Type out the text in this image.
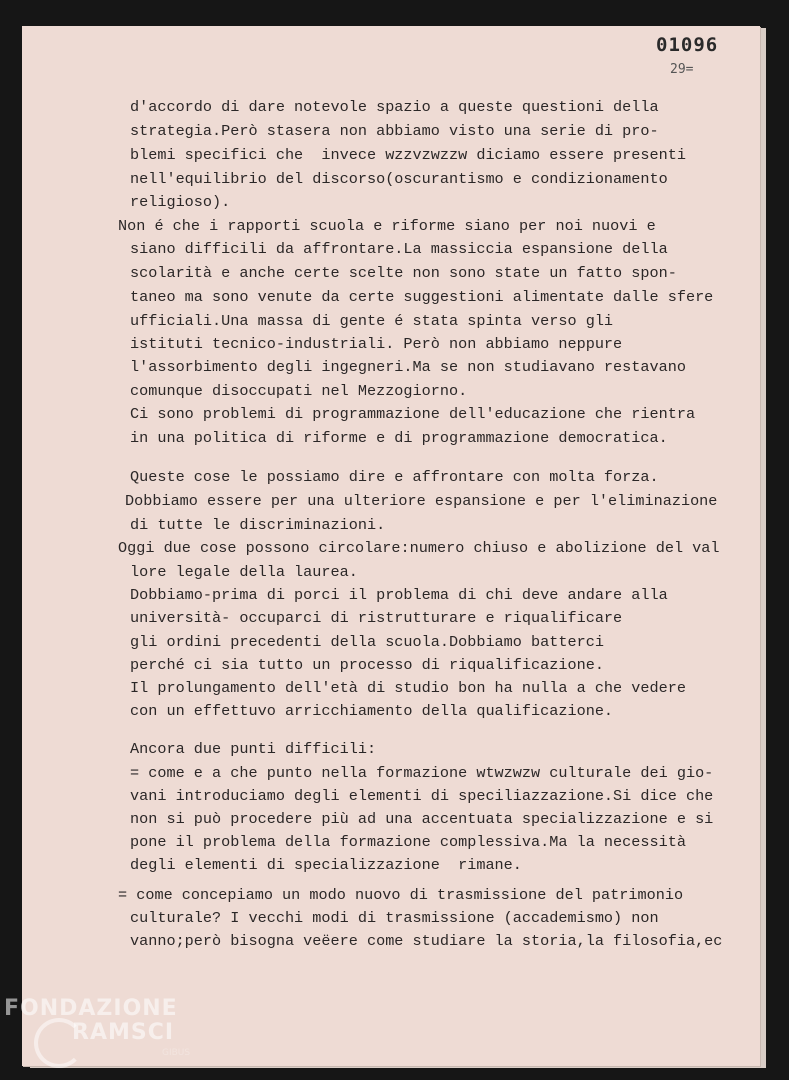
01096
29=
d'accordo di dare notevole spazio a queste questioni della
strategia.Però stasera non abbiamo visto una serie di pro-
blemi specifici che  invece wzzvzwzzw diciamo essere presenti
nell'equilibrio del discorso(oscurantismo e condizionamento
religioso).
Non é che i rapporti scuola e riforme siano per noi nuovi e
siano difficili da affrontare.La massiccia espansione della
scolarità e anche certe scelte non sono state un fatto spon-
taneo ma sono venute da certe suggestioni alimentate dalle sfere
ufficiali.Una massa di gente é stata spinta verso gli
istituti tecnico-industriali. Però non abbiamo neppure
l'assorbimento degli ingegneri.Ma se non studiavano restavano
comunque disoccupati nel Mezzogiorno.
Ci sono problemi di programmazione dell'educazione che rientra
in una politica di riforme e di programmazione democratica.
Queste cose le possiamo dire e affrontare con molta forza.
Dobbiamo essere per una ulteriore espansione e per l'eliminazione
di tutte le discriminazioni.
Oggi due cose possono circolare:numero chiuso e abolizione del val
lore legale della laurea.
Dobbiamo-prima di porci il problema di chi deve andare alla
università- occuparci di ristrutturare e riqualificare
gli ordini precedenti della scuola.Dobbiamo batterci
perché ci sia tutto un processo di riqualificazione.
Il prolungamento dell'età di studio bon ha nulla a che vedere
con un effettuvo arricchiamento della qualificazione.
Ancora due punti difficili:
= come e a che punto nella formazione wtwzwzw culturale dei gio-
vani introduciamo degli elementi di speciliazzazione.Si dice che
non si può procedere più ad una accentuata specializzazione e si
pone il problema della formazione complessiva.Ma la necessità
degli elementi di specializzazione  rimane.
= come concepiamo un modo nuovo di trasmissione del patrimonio
culturale? I vecchi modi di trasmissione (accademismo) non
vanno;però bisogna veëere come studiare la storia,la filosofia,ec
FONDAZIONE
RAMSCI
GIBUS
